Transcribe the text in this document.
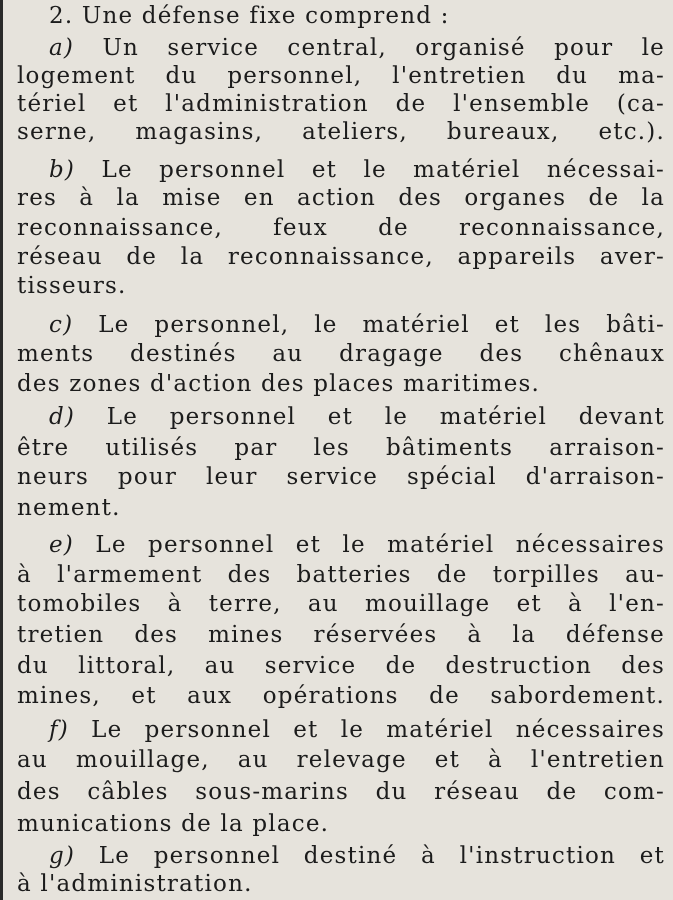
2. Une défense fixe comprend :
a) Un service central, organisé pour le
logement du personnel, l'entretien du ma-
tériel et l'administration de l'ensemble (ca-
serne, magasins, ateliers, bureaux, etc.).
b) Le personnel et le matériel nécessai-
res à la mise en action des organes de la
reconnaissance, feux de reconnaissance,
réseau de la reconnaissance, appareils aver-
tisseurs.
c) Le personnel, le matériel et les bâti-
ments destinés au dragage des chênaux
des zones d'action des places maritimes.
d) Le personnel et le matériel devant
être utilisés par les bâtiments arraison-
neurs pour leur service spécial d'arraison-
nement.
e) Le personnel et le matériel nécessaires
à l'armement des batteries de torpilles au-
tomobiles à terre, au mouillage et à l'en-
tretien des mines réservées à la défense
du littoral, au service de destruction des
mines, et aux opérations de sabordement.
f) Le personnel et le matériel nécessaires
au mouillage, au relevage et à l'entretien
des câbles sous-marins du réseau de com-
munications de la place.
g) Le personnel destiné à l'instruction et
à l'administration.
